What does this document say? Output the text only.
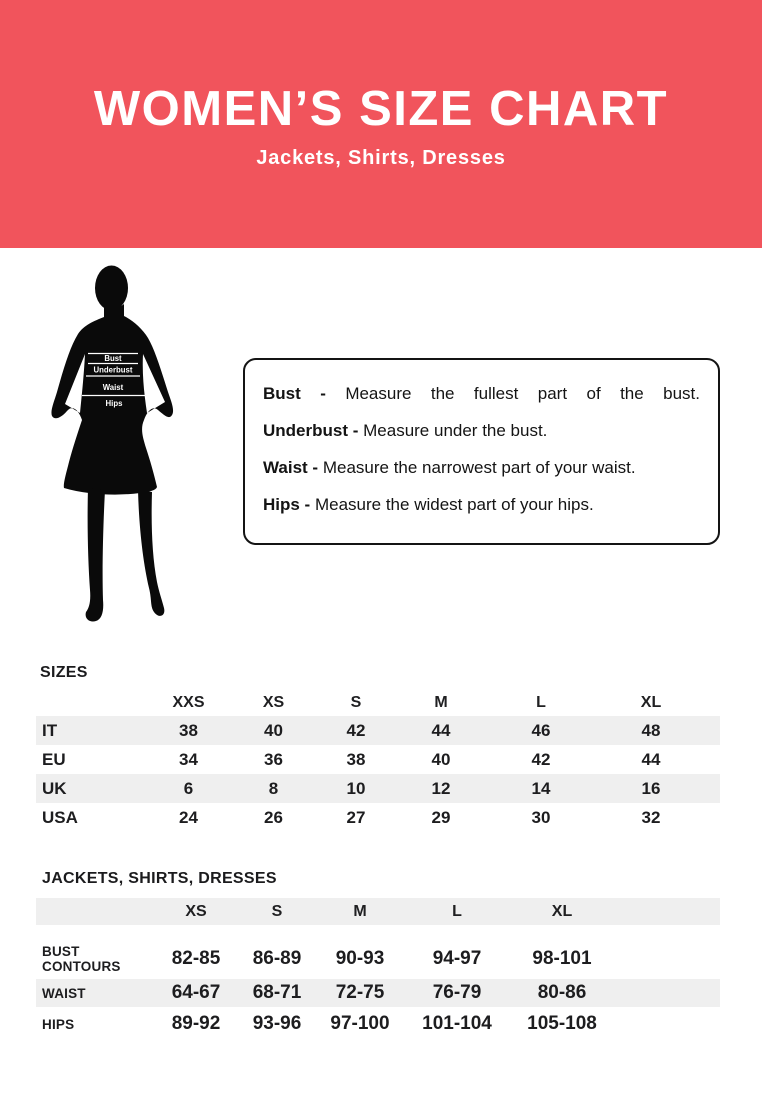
WOMEN’S SIZE CHART
Jackets, Shirts, Dresses
Bust
Underbust
Waist
Hips

Bust - Measure the fullest part of the bust.

Underbust - Measure under the bust.

Waist - Measure the narrowest part of your waist.

Hips - Measure the widest part of your hips.

SIZES
	XXS	XS	S	M	L	XL	
IT	38	40	42	44	46	48	
EU	34	36	38	40	42	44	
UK	6	8	10	12	14	16	
USA	24	26	27	29	30	32	
JACKETS, SHIRTS, DRESSES
	XS	S	M	L	XL	

BUST CONTOURS	82-85	86-89	90-93	94-97	98-101	
WAIST	64-67	68-71	72-75	76-79	80-86	
HIPS	89-92	93-96	97-100	101-104	105-108	
